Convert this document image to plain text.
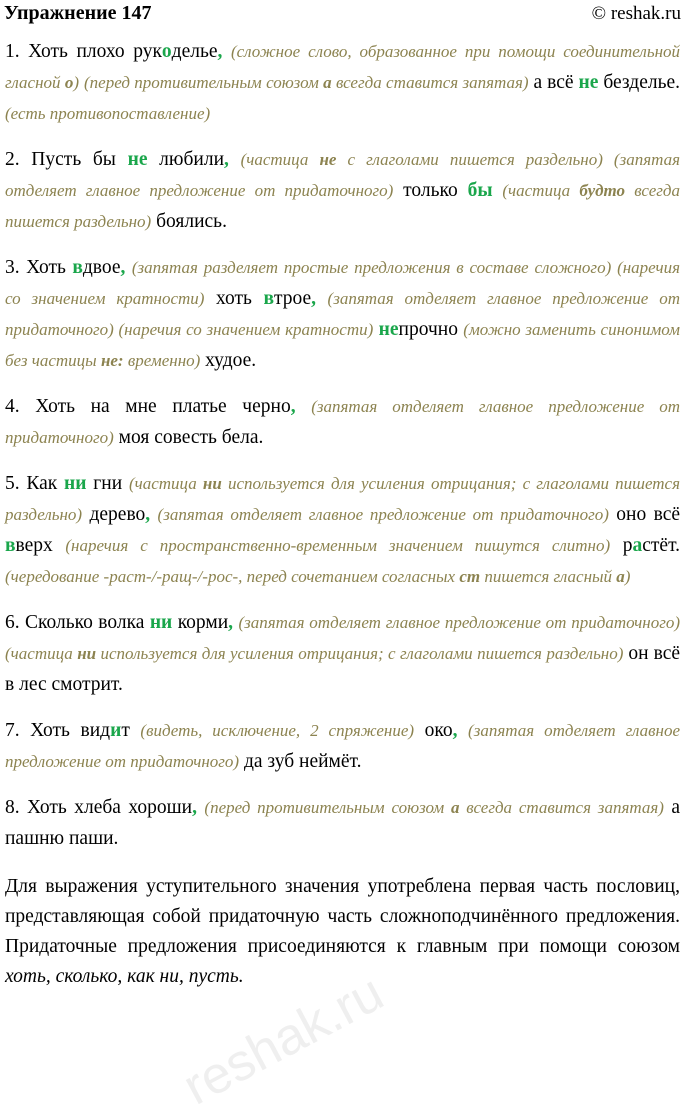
Упражнение 147	© reshak.ru
1. Хоть плохо рукоделье, (сложное слово, образованное при помощи соединительной гласной о) (перед противительным союзом а всегда ставится запятая) а всё не безделье. (есть противопоставление)
2. Пусть бы не любили, (частица не с глаголами пишется раздельно) (запятая отделяет главное предложение от придаточного) только бы (частица будто всегда пишется раздельно) боялись.
3. Хоть вдвое, (запятая разделяет простые предложения в составе сложного) (наречия со значением кратности) хоть втрое, (запятая отделяет главное предложение от придаточного) (наречия со значением кратности) непрочно (можно заменить синонимом без частицы не: временно) худое.
4. Хоть на мне платье черно, (запятая отделяет главное предложение от придаточного) моя совесть бела.
5. Как ни гни (частица ни используется для усиления отрицания; с глаголами пишется раздельно) дерево, (запятая отделяет главное предложение от придаточного) оно всё вверх (наречия с пространственно-временным значением пишутся слитно) растёт. (чередование -раст-/-ращ-/-рос-, перед сочетанием согласных ст пишется гласный а)
6. Сколько волка ни корми, (запятая отделяет главное предложение от придаточного) (частица ни используется для усиления отрицания; с глаголами пишется раздельно) он всё в лес смотрит.
7. Хоть видит (видеть, исключение, 2 спряжение) око, (запятая отделяет главное предложение от придаточного) да зуб неймёт.
8. Хоть хлеба хороши, (перед противительным союзом а всегда ставится запятая) а пашню паши.
Для выражения уступительного значения употреблена первая часть пословиц, представляющая собой придаточную часть сложноподчинённого предложения. Придаточные предложения присоединяются к главным при помощи союзом хоть, сколько, как ни, пусть.
reshak.ru
